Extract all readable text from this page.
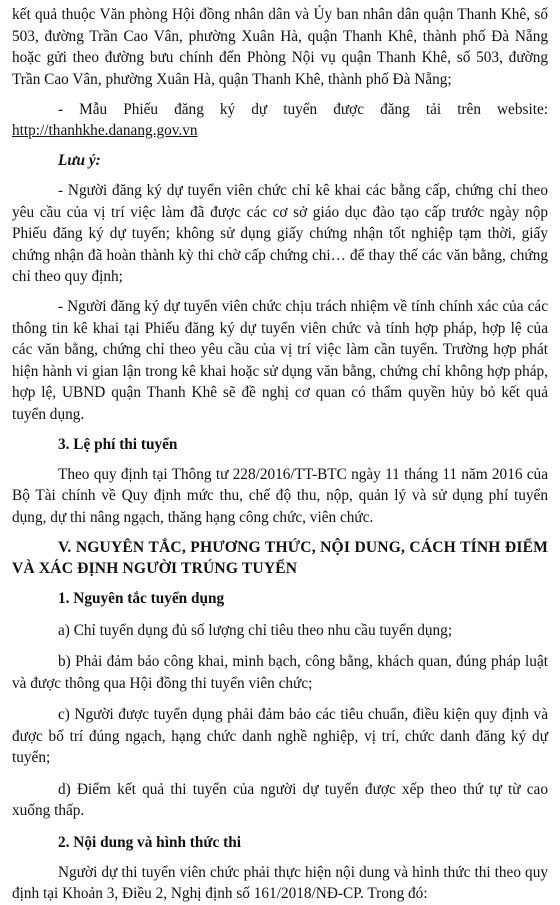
kết quả thuộc Văn phòng Hội đồng nhân dân và Ủy ban nhân dân quận Thanh Khê, số 503, đường Trần Cao Vân, phường Xuân Hà, quận Thanh Khê, thành phố Đà Nẵng hoặc gửi theo đường bưu chính đến Phòng Nội vụ quận Thanh Khê, số 503, đường Trần Cao Vân, phường Xuân Hà, quận Thanh Khê, thành phố Đà Nẵng;

- Mẫu Phiếu đăng ký dự tuyển được đăng tải trên website: http://thanhkhe.danang.gov.vn

Lưu ý:

- Người đăng ký dự tuyển viên chức chỉ kê khai các bằng cấp, chứng chỉ theo yêu cầu của vị trí việc làm đã được các cơ sở giáo dục đào tạo cấp trước ngày nộp Phiếu đăng ký dự tuyển; không sử dụng giấy chứng nhận tốt nghiệp tạm thời, giấy chứng nhận đã hoàn thành kỳ thi chờ cấp chứng chi… để thay thế các văn bằng, chứng chỉ theo quy định;

- Người đăng ký dự tuyển viên chức chịu trách nhiệm về tính chính xác của các thông tin kê khai tại Phiếu đăng ký dự tuyển viên chức và tính hợp pháp, hợp lệ của các văn bằng, chứng chỉ theo yêu cầu của vị trí việc làm cần tuyển. Trường hợp phát hiện hành vi gian lận trong kê khai hoặc sử dụng văn bằng, chứng chỉ không hợp pháp, hợp lệ, UBND quận Thanh Khê sẽ đề nghị cơ quan có thẩm quyền hủy bỏ kết quả tuyển dụng.

3. Lệ phí thi tuyển

Theo quy định tại Thông tư 228/2016/TT-BTC ngày 11 tháng 11 năm 2016 của Bộ Tài chính về Quy định mức thu, chế độ thu, nộp, quản lý và sử dụng phí tuyển dụng, dự thi nâng ngạch, thăng hạng công chức, viên chức.

V. NGUYÊN TẮC, PHƯƠNG THỨC, NỘI DUNG, CÁCH TÍNH ĐIỂM VÀ XÁC ĐỊNH NGƯỜI TRÚNG TUYỂN

1. Nguyên tắc tuyển dụng

a) Chỉ tuyển dụng đủ số lượng chỉ tiêu theo nhu cầu tuyển dụng;

b) Phải đảm bảo công khai, minh bạch, công bằng, khách quan, đúng pháp luật và được thông qua Hội đồng thi tuyển viên chức;

c) Người được tuyển dụng phải đảm bảo các tiêu chuẩn, điều kiện quy định và được bố trí đúng ngạch, hạng chức danh nghề nghiệp, vị trí, chức danh đăng ký dự tuyển;

d) Điểm kết quả thi tuyển của người dự tuyển được xếp theo thứ tự từ cao xuống thấp.

2. Nội dung và hình thức thi

Người dự thi tuyển viên chức phải thực hiện nội dung và hình thức thi theo quy định tại Khoản 3, Điều 2, Nghị định số 161/2018/NĐ-CP. Trong đó:
